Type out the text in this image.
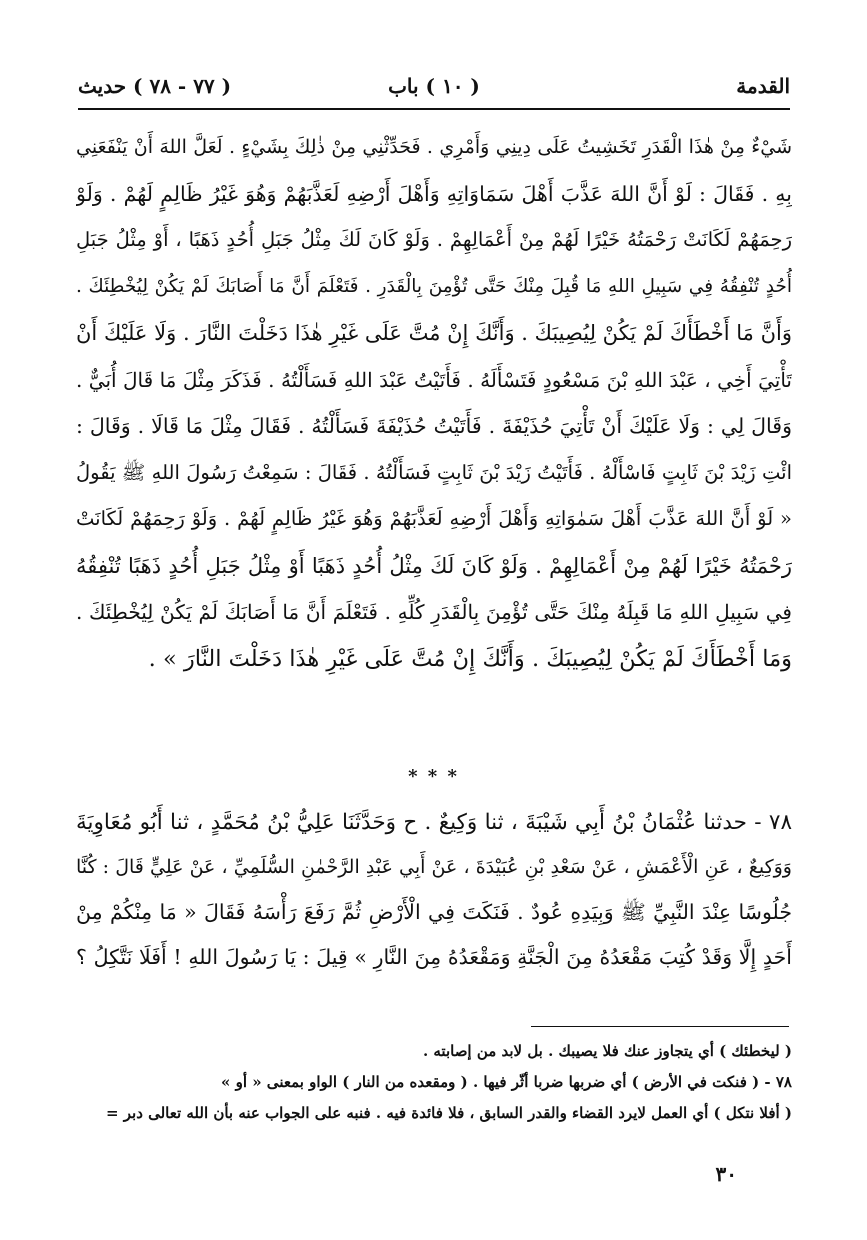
القدمة
( ١٠ ) باب
( ٧٧ - ٧٨ ) حديث
شَيْءٌ مِنْ هٰذَا الْقَدَرِ تَخَشِيتُ عَلَى دِينِي وَأَمْرِي . فَحَدِّثْنِي مِنْ ذٰلِكَ بِشَيْءٍ . لَعَلَّ اللهَ أَنْ يَنْفَعَنِي
بِهِ . فَقَالَ : لَوْ أَنَّ اللهَ عَذَّبَ أَهْلَ سَمَاوَاتِهِ وَأَهْلَ أَرْضِهِ لَعَذَّبَهُمْ وَهُوَ غَيْرُ ظَالِمٍ لَهُمْ . وَلَوْ
رَحِمَهُمْ لَكَانَتْ رَحْمَتُهُ خَيْرًا لَهُمْ مِنْ أَعْمَالِهِمْ . وَلَوْ كَانَ لَكَ مِثْلُ جَبَلِ أُحُدٍ ذَهَبًا ، أَوْ مِثْلُ جَبَلِ
أُحُدٍ تُنْفِقُهُ فِي سَبِيلِ اللهِ مَا قُبِلَ مِنْكَ حَتَّى تُؤْمِنَ بِالْقَدَرِ . فَتَعْلَمَ أَنَّ مَا أَصَابَكَ لَمْ يَكُنْ لِيُخْطِئَكَ .
وَأَنَّ مَا أَخْطَأَكَ لَمْ يَكُنْ لِيُصِيبَكَ . وَأَنَّكَ إِنْ مُتَّ عَلَى غَيْرِ هٰذَا دَخَلْتَ النَّارَ . وَلَا عَلَيْكَ أَنْ
تَأْتِيَ أَخِي ، عَبْدَ اللهِ بْنَ مَسْعُودٍ فَتَسْأَلَهُ . فَأَتَيْتُ عَبْدَ اللهِ فَسَأَلْتُهُ . فَذَكَرَ مِثْلَ مَا قَالَ أُبَيٌّ .
وَقَالَ لِي : وَلَا عَلَيْكَ أَنْ تَأْتِيَ حُذَيْفَةَ . فَأَتَيْتُ حُذَيْفَةَ فَسَأَلْتُهُ . فَقَالَ مِثْلَ مَا قَالَا . وَقَالَ :
ائْتِ زَيْدَ بْنَ ثَابِتٍ فَاسْأَلْهُ . فَأَتَيْتُ زَيْدَ بْنَ ثَابِتٍ فَسَأَلْتُهُ . فَقَالَ : سَمِعْتُ رَسُولَ اللهِ ﷺ يَقُولُ
« لَوْ أَنَّ اللهَ عَذَّبَ أَهْلَ سَمٰوَاتِهِ وَأَهْلَ أَرْضِهِ لَعَذَّبَهُمْ وَهُوَ غَيْرُ ظَالِمٍ لَهُمْ . وَلَوْ رَحِمَهُمْ لَكَانَتْ
رَحْمَتُهُ خَيْرًا لَهُمْ مِنْ أَعْمَالِهِمْ . وَلَوْ كَانَ لَكَ مِثْلُ أُحُدٍ ذَهَبًا أَوْ مِثْلُ جَبَلِ أُحُدٍ ذَهَبًا تُنْفِقُهُ
فِي سَبِيلِ اللهِ مَا قَبِلَهُ مِنْكَ حَتَّى تُؤْمِنَ بِالْقَدَرِ كُلِّهِ . فَتَعْلَمَ أَنَّ مَا أَصَابَكَ لَمْ يَكُنْ لِيُخْطِئَكَ .
وَمَا أَخْطَأَكَ لَمْ يَكُنْ لِيُصِيبَكَ . وَأَنَّكَ إِنْ مُتَّ عَلَى غَيْرِ هٰذَا دَخَلْتَ النَّارَ » .
* * *
٧٨ - حدثنا عُثْمَانُ بْنُ أَبِي شَيْبَةَ ، ثنا وَكِيعٌ . ح وَحَدَّثَنَا عَلِيُّ بْنُ مُحَمَّدٍ ، ثنا أَبُو مُعَاوِيَةَ
وَوَكِيعٌ ، عَنِ الْأَعْمَشِ ، عَنْ سَعْدِ بْنِ عُبَيْدَةَ ، عَنْ أَبِي عَبْدِ الرَّحْمٰنِ السُّلَمِيِّ ، عَنْ عَلِيٍّ قَالَ : كُنَّا
جُلُوسًا عِنْدَ النَّبِيِّ ﷺ وَبِيَدِهِ عُودٌ . فَنَكَتَ فِي الْأَرْضِ ثُمَّ رَفَعَ رَأْسَهُ فَقَالَ « مَا مِنْكُمْ مِنْ
أَحَدٍ إِلَّا وَقَدْ كُتِبَ مَقْعَدُهُ مِنَ الْجَنَّةِ وَمَقْعَدُهُ مِنَ النَّارِ » قِيلَ : يَا رَسُولَ اللهِ ! أَفَلَا نَتَّكِلُ ؟
( ليخطئك ) أي يتجاوز عنك فلا يصيبك . بل لابد من إصابته .
٧٨ - ( فنكت في الأرض ) أي ضربها ضربا أثّر فيها . ( ومقعده من النار ) الواو بمعنى « أو »
( أفلا نتكل ) أي العمل لايرد القضاء والقدر السابق ، فلا فائدة فيه . فنبه على الجواب عنه بأن الله تعالى دبر =
٣٠
